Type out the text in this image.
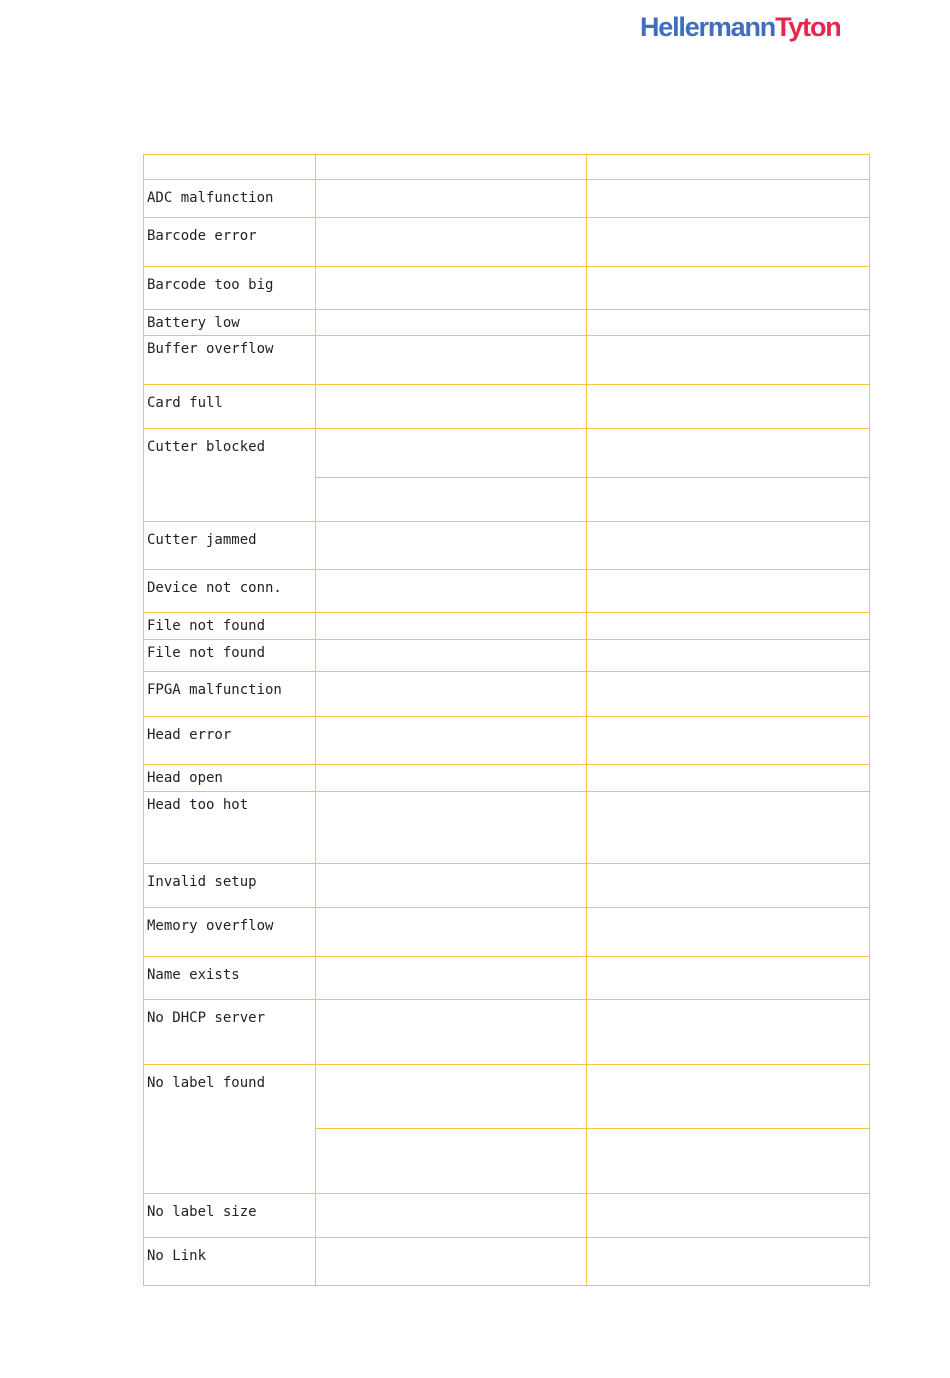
HellermannTyton

ADC malfunction		
Barcode error		
Barcode too big		
Battery low		
Buffer overflow		
Card full		
Cutter blocked		

Cutter jammed		
Device not conn.		
File not found		
File not found		
FPGA malfunction		
Head error		
Head open		
Head too hot		
Invalid setup		
Memory overflow		
Name exists		
No DHCP server		
No label found		

No label size		
No Link		
